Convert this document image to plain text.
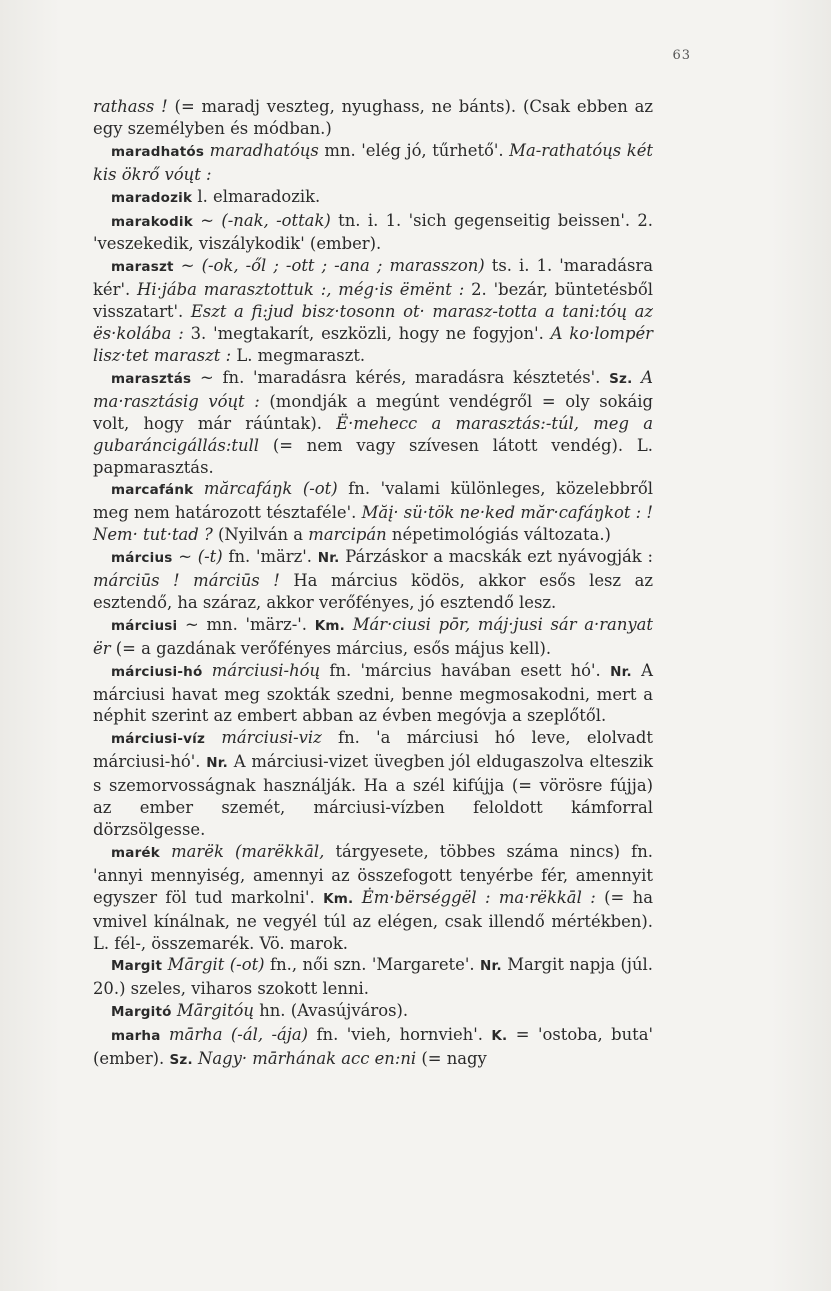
63

rathass ! (= maradj veszteg, nyughass, ne bánts). (Csak ebben az egy személyben és módban.)

maradhatós maradhatóųs mn. 'elég jó, tűrhető'. Ma-rathatóųs két kis ökrő vóųt :

maradozik l. elmaradozik.

marakodik ~ (-nak, -ottak) tn. i. 1. 'sich gegenseitig beissen'. 2. 'veszekedik, viszálykodik' (ember).

maraszt ~ (-ok, -ől ; -ott ; -ana ; marasszon) ts. i. 1. 'maradásra kér'. Hi·jába marasztottuk :, még·is ëmënt : 2. 'bezár, büntetésből visszatart'. Eszt a fi:jud bisz·tosonn ot· marasz-totta a tani:tóų az ës·kolába : 3. 'megtakarít, eszközli, hogy ne fogyjon'. A ko·lompér lisz·tet maraszt : L. megmaraszt.

marasztás ~ fn. 'maradásra kérés, maradásra késztetés'. Sz. A ma·rasztásig vóųt : (mondják a megúnt vendégről = oly sokáig volt, hogy már ráúntak). Ë·mehecc a marasztás:-túl, meg a gubaráncigállás:tull (= nem vagy szívesen látott vendég). L. papmarasztás.

marcafánk mărcafáŋk (-ot) fn. 'valami különleges, közelebbről meg nem határozott tésztaféle'. Măį· sü·tök ne·ked măr·cafáŋkot : ! Nem· tut·tad ? (Nyilván a marcipán népetimológiás változata.)

március ~ (-t) fn. 'märz'. Nr. Párzáskor a macskák ezt nyávogják : márciūs ! márciūs ! Ha március ködös, akkor esős lesz az esztendő, ha száraz, akkor verőfényes, jó esztendő lesz.

márciusi ~ mn. 'märz-'. Km. Már·ciusi pōr, máj·jusi sár a·ranyat ër (= a gazdának verőfényes március, esős május kell).

márciusi-hó márciusi-hóų fn. 'március havában esett hó'. Nr. A márciusi havat meg szokták szedni, benne megmosakodni, mert a néphit szerint az embert abban az évben megóvja a szeplőtől.

márciusi-víz márciusi-viz fn. 'a márciusi hó leve, elolvadt márciusi-hó'. Nr. A márciusi-vizet üvegben jól eldugaszolva elteszik s szemorvosságnak használják. Ha a szél kifújja (= vörösre fújja) az ember szemét, márciusi-vízben feloldott kámforral dörzsölgesse.

marék marëk (marëkkāl, tárgyesete, többes száma nincs) fn. 'annyi mennyiség, amennyi az összefogott tenyérbe fér, amennyit egyszer föl tud markolni'. Km. Ėm·bërséggël : ma·rëkkāl : (= ha vmivel kínálnak, ne vegyél túl az elégen, csak illendő mértékben). L. fél-, összemarék. Vö. marok.

Margit Mārgit (-ot) fn., női szn. 'Margarete'. Nr. Margit napja (júl. 20.) szeles, viharos szokott lenni.

Margitó Mārgitóų hn. (Avasújváros).

marha mārha (-ál, -ája) fn. 'vieh, hornvieh'. K. = 'ostoba, buta' (ember). Sz. Nagy· mārhának acc en:ni (= nagy
